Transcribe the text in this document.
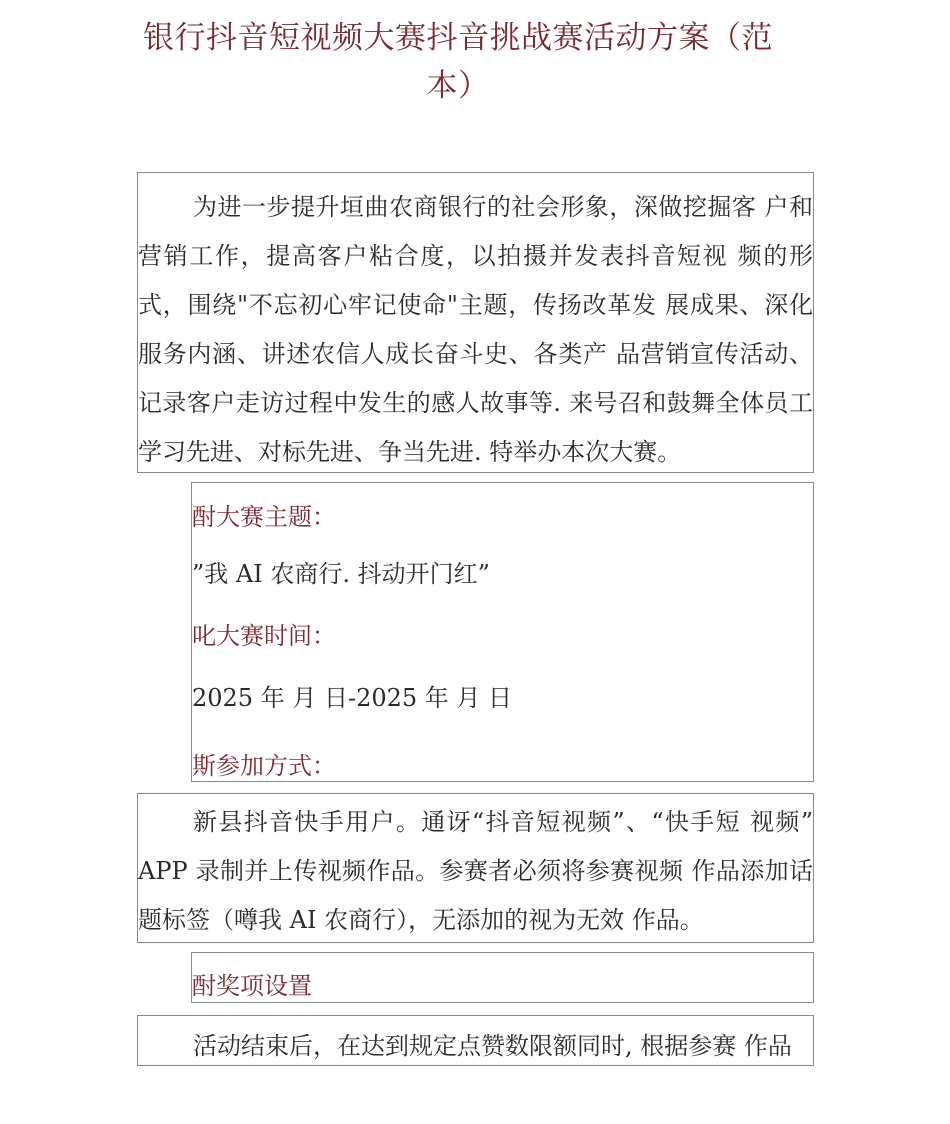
银行抖音短视频大赛抖音挑战赛活动方案（范本）

为进一步提升垣曲农商银行的社会形象，深做挖掘客 户和营销工作，提高客户粘合度，以拍摄并发表抖音短视 频的形式，围绕"不忘初心牢记使命"主题，传扬改革发 展成果、深化服务内涵、讲述农信人成长奋斗史、各类产 品营销宣传活动、记录客户走访过程中发生的感人故事等. 来号召和鼓舞全体员工学习先进、对标先进、争当先进. 特举办本次大赛。

酎大赛主题：
”我 AI 农商行. 抖动开门红”
叱大赛时间：
2025 年 月 日-2025 年 月 日
斯参加方式：

新县抖音快手用户。通讶“抖音短视频”、“快手短 视频” APP 录制并上传视频作品。参赛者必须将参赛视频 作品添加话题标签（噂我 AI 农商行），无添加的视为无效 作品。

酎奖项设置

活动结束后，在达到规定点赞数限额同时, 根据参赛 作品
